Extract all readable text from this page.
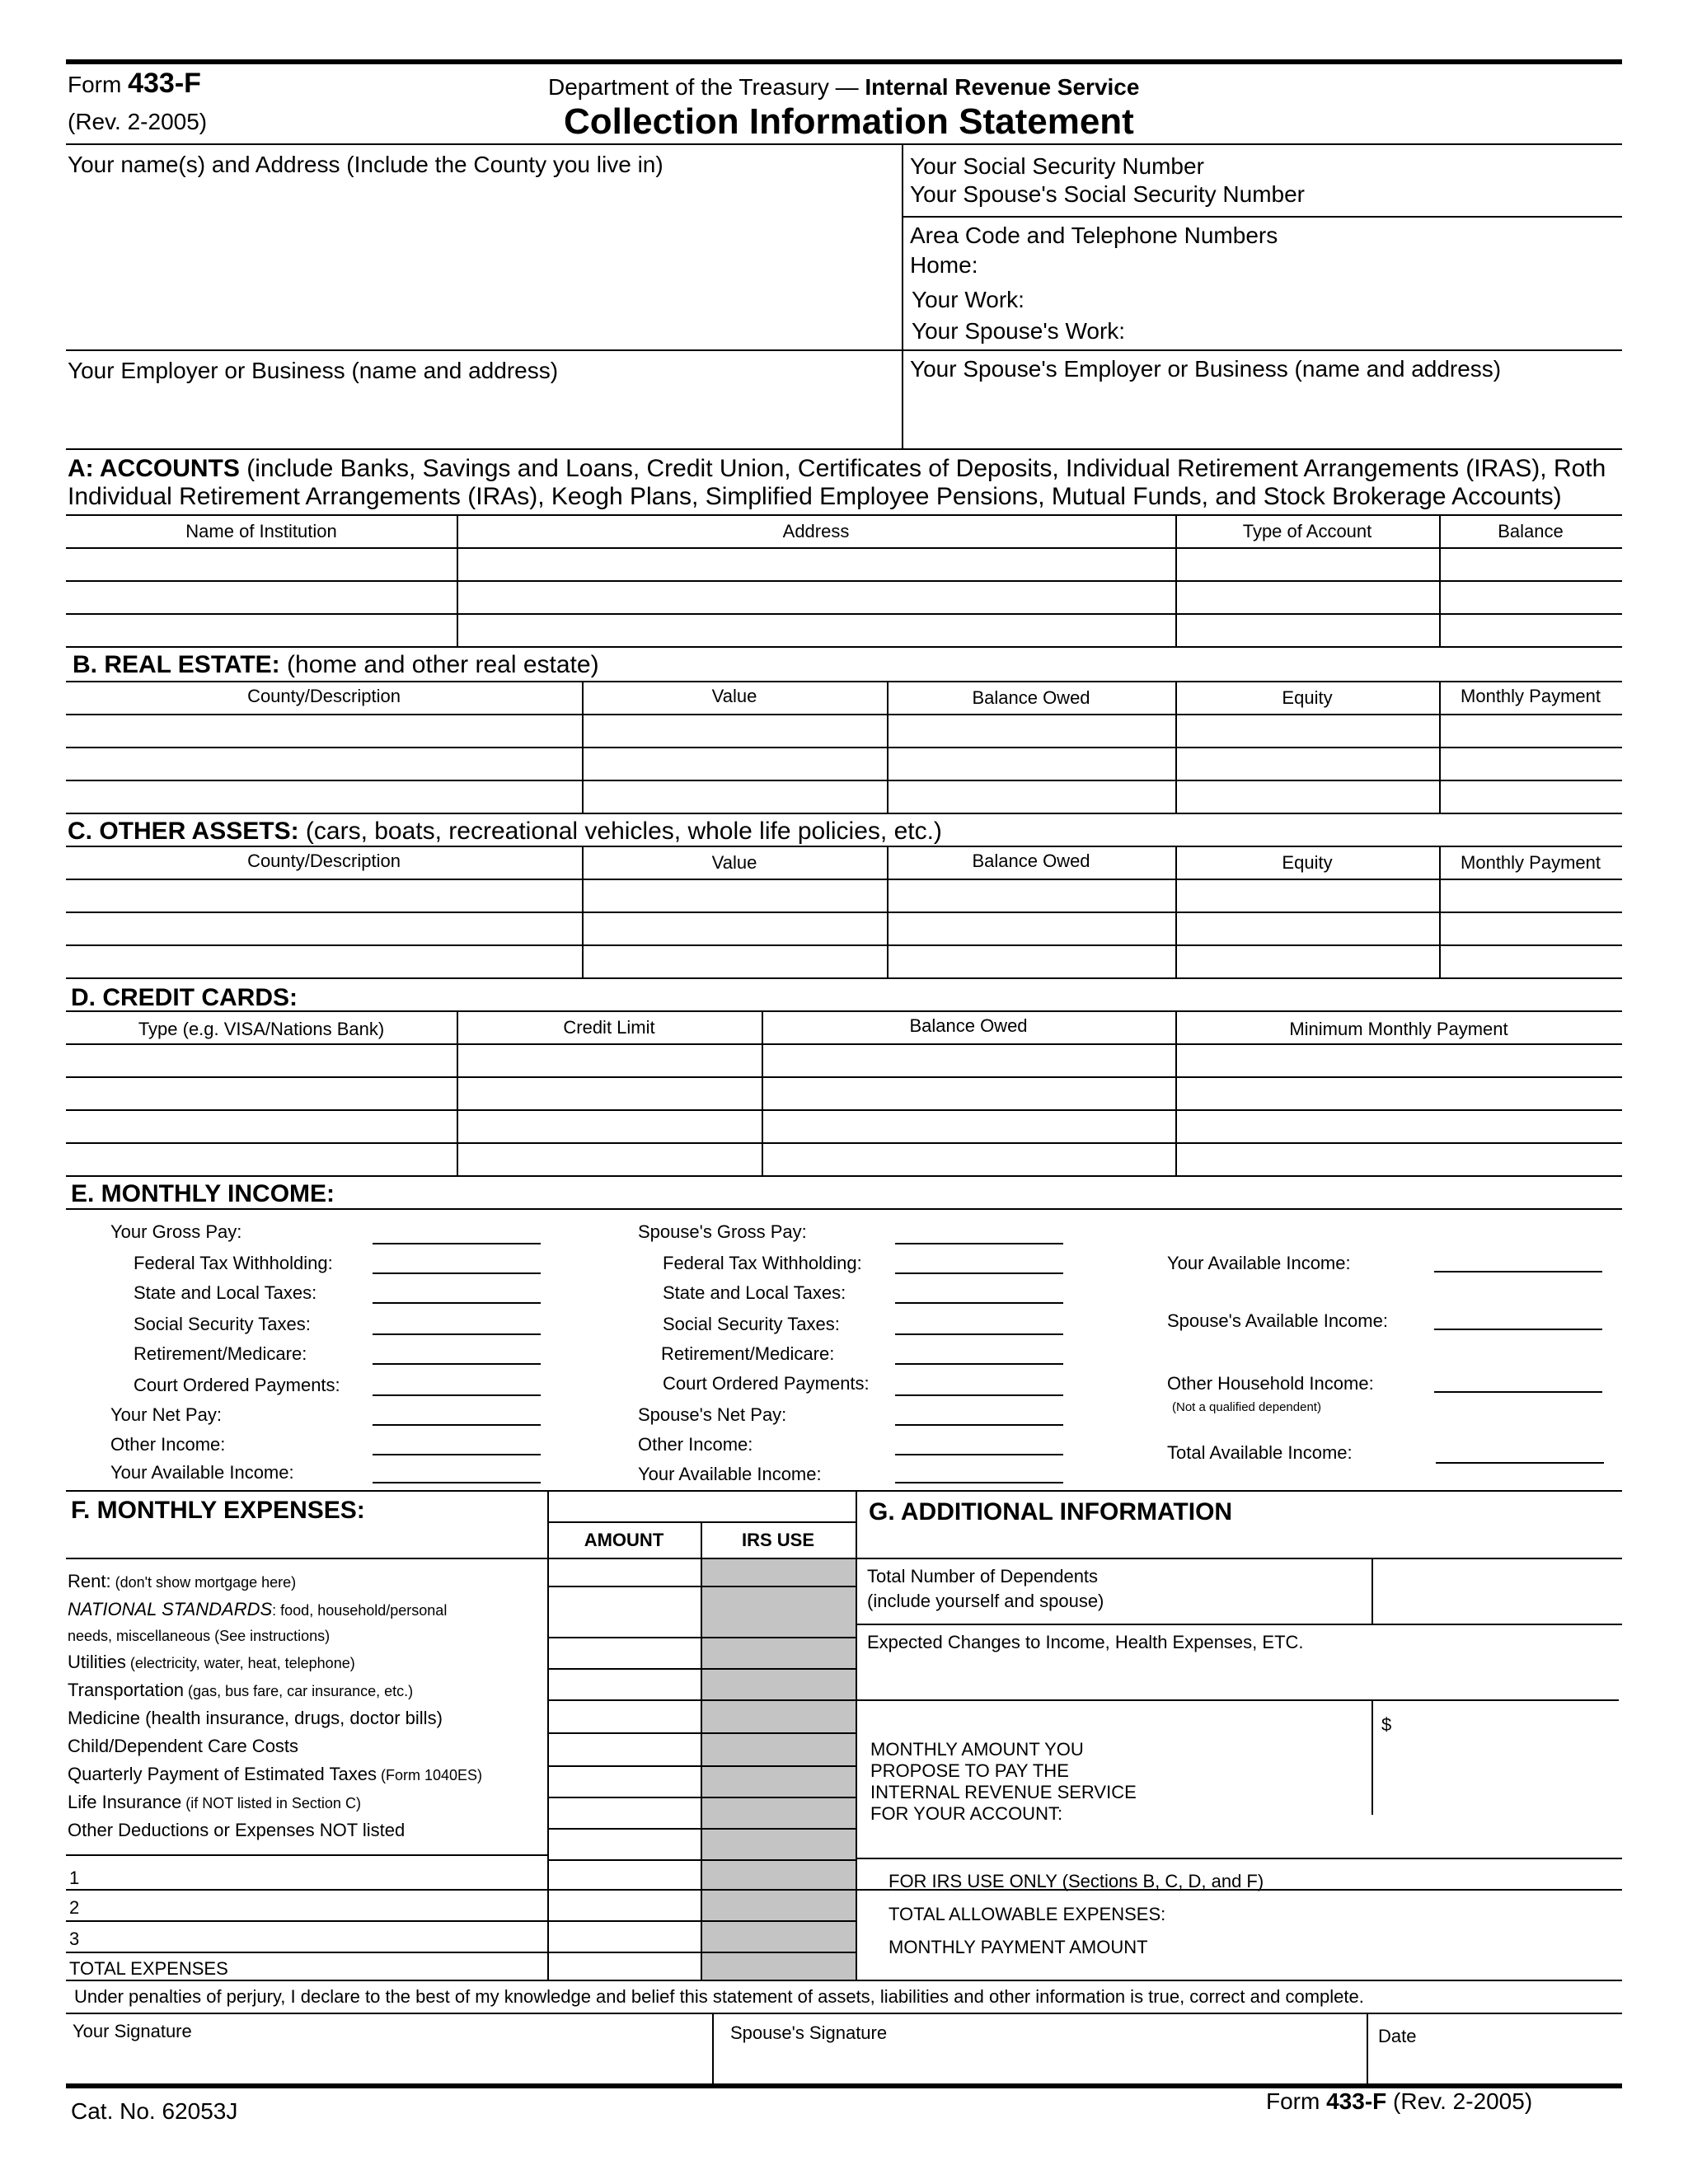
Form 433-F
(Rev. 2-2005)
Department of the Treasury — Internal Revenue Service
Collection Information Statement
Your name(s) and Address (Include the County you live in)	Your Social Security Number
Your Spouse's Social Security Number
Area Code and Telephone Numbers
Home:
Your Work:
Your Spouse's Work:
Your Employer or Business (name and address)	Your Spouse's Employer or Business (name and address)
A: ACCOUNTS (include Banks, Savings and Loans, Credit Union, Certificates of Deposits, Individual Retirement Arrangements (IRAS), Roth
Individual Retirement Arrangements (IRAs), Keogh Plans, Simplified Employee Pensions, Mutual Funds, and Stock Brokerage Accounts)
Name of Institution	Address	Type of Account	Balance
B. REAL ESTATE: (home and other real estate)
County/Description	Value	Balance Owed	Equity	Monthly Payment
C. OTHER ASSETS: (cars, boats, recreational vehicles, whole life policies, etc.)
County/Description	Value	Balance Owed	Equity	Monthly Payment
D. CREDIT CARDS:
Type (e.g. VISA/Nations Bank)	Credit Limit	Balance Owed	Minimum Monthly Payment
E. MONTHLY INCOME:
Your Gross Pay:
Federal Tax Withholding:
State and Local Taxes:
Social Security Taxes:
Retirement/Medicare:
Court Ordered Payments:
Your Net Pay:
Other Income:
Your Available Income:
Spouse's Gross Pay:
Federal Tax Withholding:
State and Local Taxes:
Social Security Taxes:
Retirement/Medicare:
Court Ordered Payments:
Spouse's Net Pay:
Other Income:
Your Available Income:
Your Available Income:
Spouse's Available Income:
Other Household Income:
(Not a qualified dependent)
Total Available Income:
F. MONTHLY EXPENSES:	G. ADDITIONAL INFORMATION
AMOUNT	IRS USE
Rent: (don't show mortgage here)
NATIONAL STANDARDS: food, household/personal
needs, miscellaneous (See instructions)
Utilities (electricity, water, heat, telephone)
Transportation (gas, bus fare, car insurance, etc.)
Medicine (health insurance, drugs, doctor bills)
Child/Dependent Care Costs
Quarterly Payment of Estimated Taxes (Form 1040ES)
Life Insurance (if NOT listed in Section C)
Other Deductions or Expenses NOT listed
1
2
3
TOTAL EXPENSES
Total Number of Dependents
(include yourself and spouse)
Expected Changes to Income, Health Expenses, ETC.
MONTHLY AMOUNT YOU
PROPOSE TO PAY THE
INTERNAL REVENUE SERVICE
FOR YOUR ACCOUNT:
$
FOR IRS USE ONLY (Sections B, C, D, and F)
TOTAL ALLOWABLE EXPENSES:
MONTHLY PAYMENT AMOUNT
Under penalties of perjury, I declare to the best of my knowledge and belief this statement of assets, liabilities and other information is true, correct and complete.
Your Signature	Spouse's Signature	Date
Cat. No. 62053J	Form 433-F (Rev. 2-2005)
